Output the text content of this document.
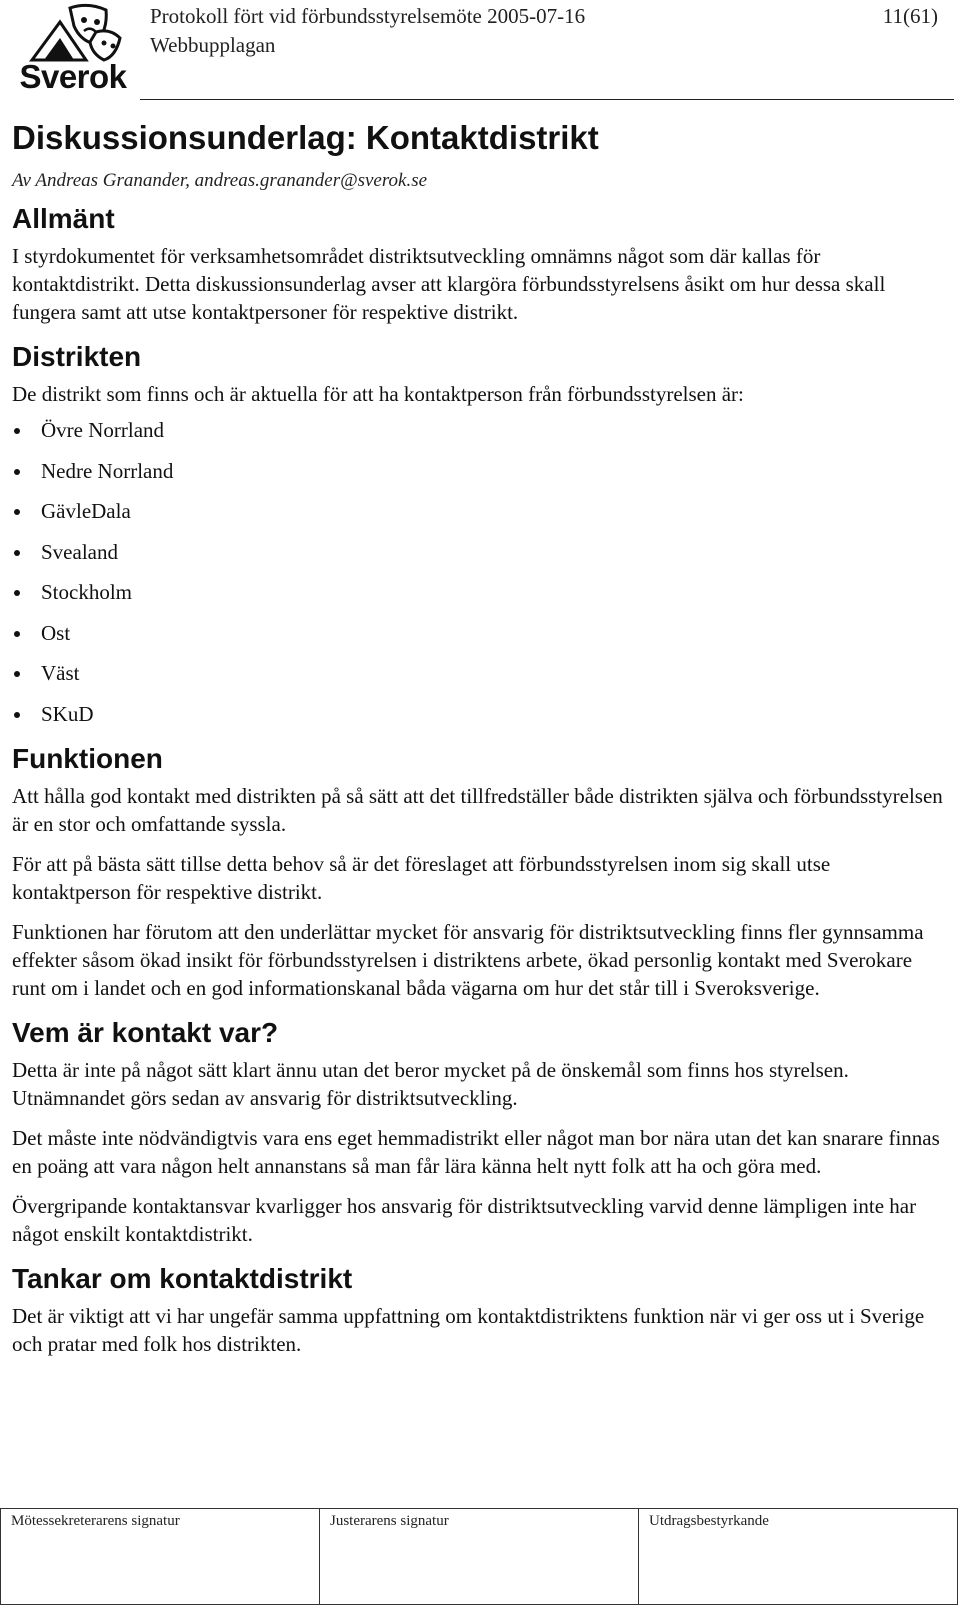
Sverok
Protokoll fört vid förbundsstyrelsemöte 2005-07-16
Webbupplagan
11(61)
Diskussionsunderlag: Kontaktdistrikt
Av Andreas Granander, andreas.granander@sverok.se
Allmänt

I styrdokumentet för verksamhetsområdet distriktsutveckling omnämns något som där kallas för kontaktdistrikt. Detta diskussionsunderlag avser att klargöra förbundsstyrelsens åsikt om hur dessa skall fungera samt att utse kontaktpersoner för respektive distrikt.

Distrikten

De distrikt som finns och är aktuella för att ha kontaktperson från förbundsstyrelsen är:

Övre Norrland
Nedre Norrland
GävleDala
Svealand
Stockholm
Ost
Väst
SKuD
Funktionen

Att hålla god kontakt med distrikten på så sätt att det tillfredställer både distrikten själva och förbundsstyrelsen är en stor och omfattande syssla.

För att på bästa sätt tillse detta behov så är det föreslaget att förbundsstyrelsen inom sig skall utse kontaktperson för respektive distrikt.

Funktionen har förutom att den underlättar mycket för ansvarig för distriktsutveckling finns fler gynnsamma effekter såsom ökad insikt för förbundsstyrelsen i distriktens arbete, ökad personlig kontakt med Sverokare runt om i landet och en god informationskanal båda vägarna om hur det står till i Sveroksverige.

Vem är kontakt var?

Detta är inte på något sätt klart ännu utan det beror mycket på de önskemål som finns hos styrelsen. Utnämnandet görs sedan av ansvarig för distriktsutveckling.

Det måste inte nödvändigtvis vara ens eget hemmadistrikt eller något man bor nära utan det kan snarare finnas en poäng att vara någon helt annanstans så man får lära känna helt nytt folk att ha och göra med.

Övergripande kontaktansvar kvarligger hos ansvarig för distriktsutveckling varvid denne lämpligen inte har något enskilt kontaktdistrikt.

Tankar om kontaktdistrikt

Det är viktigt att vi har ungefär samma uppfattning om kontaktdistriktens funktion när vi ger oss ut i Sverige och pratar med folk hos distrikten.

Mötessekreterarens signatur	Justerarens signatur	Utdragsbestyrkande
